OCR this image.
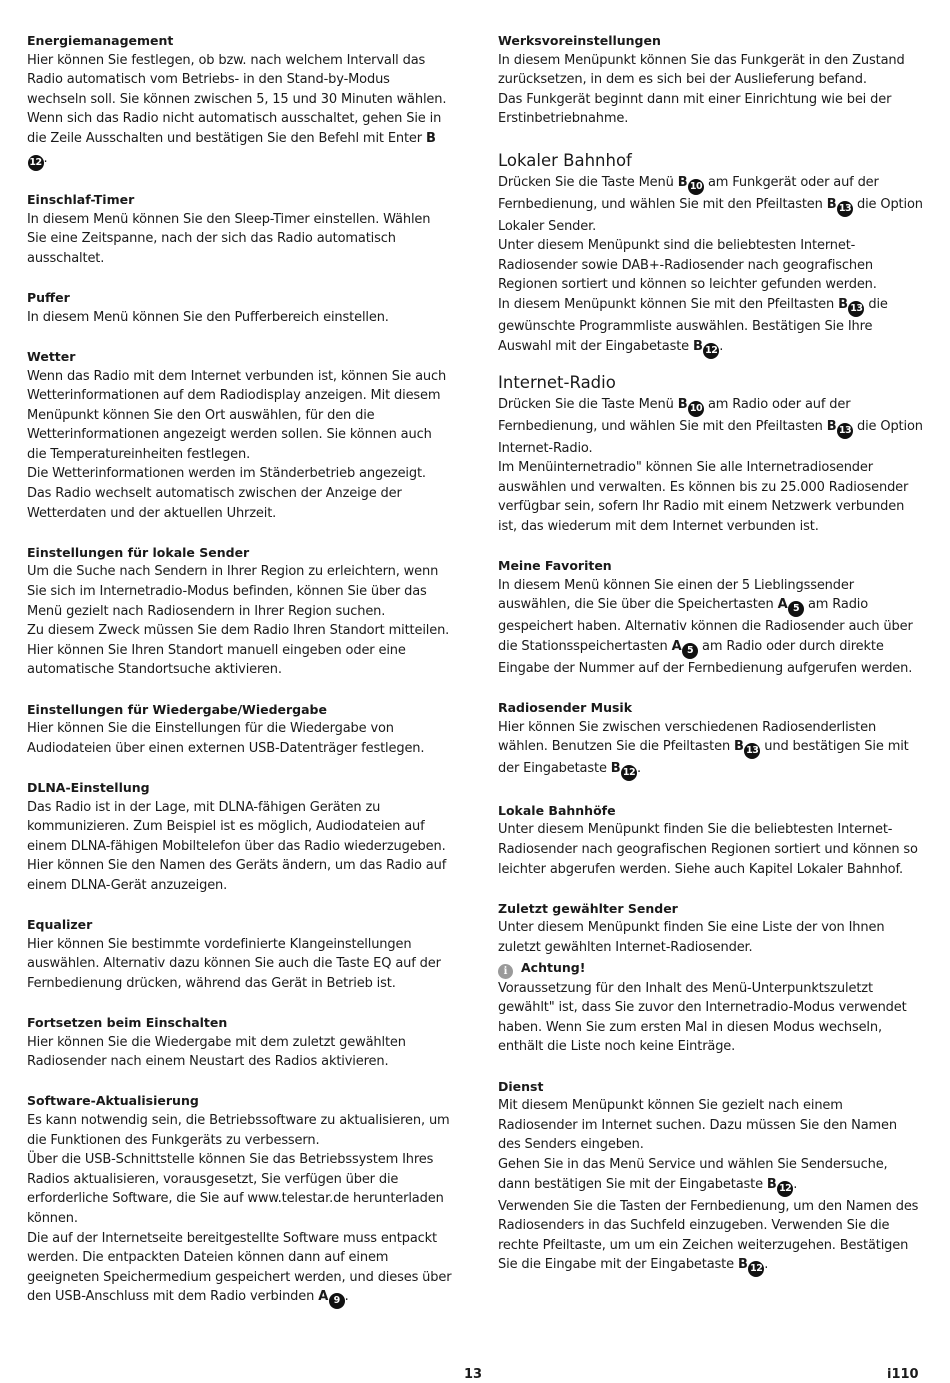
Energiemanagement

Hier können Sie festlegen, ob bzw. nach welchem Intervall das Radio automatisch vom Betriebs- in den Stand-by-Modus wechseln soll. Sie können zwischen 5, 15 und 30 Minuten wählen.

Wenn sich das Radio nicht automatisch ausschaltet, gehen Sie in die Zeile Ausschalten und bestätigen Sie den Befehl mit Enter B12 .

Einschlaf-Timer

In diesem Menü können Sie den Sleep-Timer einstellen. Wählen Sie eine Zeitspanne, nach der sich das Radio automatisch ausschaltet.

Puffer

In diesem Menü können Sie den Pufferbereich einstellen.

Wetter

Wenn das Radio mit dem Internet verbunden ist, können Sie auch Wetterinformationen auf dem Radiodisplay anzeigen. Mit diesem Menüpunkt können Sie den Ort auswählen, für den die Wetterinformationen angezeigt werden sollen. Sie können auch die Temperatureinheiten festlegen.

Die Wetterinformationen werden im Ständerbetrieb angezeigt. Das Radio wechselt automatisch zwischen der Anzeige der Wetterdaten und der aktuellen Uhrzeit.

Einstellungen für lokale Sender

Um die Suche nach Sendern in Ihrer Region zu erleichtern, wenn Sie sich im Internetradio-Modus befinden, können Sie über das Menü gezielt nach Radiosendern in Ihrer Region suchen.

Zu diesem Zweck müssen Sie dem Radio Ihren Standort mitteilen. Hier können Sie Ihren Standort manuell eingeben oder eine automatische Standortsuche aktivieren.

Einstellungen für Wiedergabe/Wiedergabe

Hier können Sie die Einstellungen für die Wiedergabe von Audiodateien über einen externen USB-Datenträger festlegen.

DLNA-Einstellung

Das Radio ist in der Lage, mit DLNA-fähigen Geräten zu kommunizieren. Zum Beispiel ist es möglich, Audiodateien auf einem DLNA-fähigen Mobiltelefon über das Radio wiederzugeben. Hier können Sie den Namen des Geräts ändern, um das Radio auf einem DLNA-Gerät anzuzeigen.

Equalizer

Hier können Sie bestimmte vordefinierte Klangeinstellungen auswählen. Alternativ dazu können Sie auch die Taste EQ auf der Fernbedienung drücken, während das Gerät in Betrieb ist.

Fortsetzen beim Einschalten

Hier können Sie die Wiedergabe mit dem zuletzt gewählten Radiosender nach einem Neustart des Radios aktivieren.

Software-Aktualisierung

Es kann notwendig sein, die Betriebssoftware zu aktualisieren, um die Funktionen des Funkgeräts zu verbessern.

Über die USB-Schnittstelle können Sie das Betriebssystem Ihres Radios aktualisieren, vorausgesetzt, Sie verfügen über die erforderliche Software, die Sie auf www.telestar.de herunterladen können.

Die auf der Internetseite bereitgestellte Software muss entpackt werden. Die entpackten Dateien können dann auf einem geeigneten Speichermedium gespeichert werden, und dieses über den USB-Anschluss mit dem Radio verbinden A 9 .

Werksvoreinstellungen

In diesem Menüpunkt können Sie das Funkgerät in den Zustand zurücksetzen, in dem es sich bei der Auslieferung befand.

Das Funkgerät beginnt dann mit einer Einrichtung wie bei der Erstinbetriebnahme.

Lokaler Bahnhof

Drücken Sie die Taste Menü B 10 am Funkgerät oder auf der Fernbedienung, und wählen Sie mit den Pfeiltasten B 13 die Option Lokaler Sender.

Unter diesem Menüpunkt sind die beliebtesten Internet-Radiosender sowie DAB+-Radiosender nach geografischen Regionen sortiert und können so leichter gefunden werden.

In diesem Menüpunkt können Sie mit den Pfeiltasten B 13 die gewünschte Programmliste auswählen. Bestätigen Sie Ihre Auswahl mit der Eingabetaste B 12 .

Internet-Radio

Drücken Sie die Taste Menü B 10 am Radio oder auf der Fernbedienung, und wählen Sie mit den Pfeiltasten B 13 die Option Internet-Radio.

Im Menüinternetradio" können Sie alle Internetradiosender auswählen und verwalten. Es können bis zu 25.000 Radiosender verfügbar sein, sofern Ihr Radio mit einem Netzwerk verbunden ist, das wiederum mit dem Internet verbunden ist.

Meine Favoriten

In diesem Menü können Sie einen der 5 Lieblingssender auswählen, die Sie über die Speichertasten A 5 am Radio gespeichert haben. Alternativ können die Radiosender auch über die Stationsspeichertasten A 5 am Radio oder durch direkte Eingabe der Nummer auf der Fernbedienung aufgerufen werden.

Radiosender Musik

Hier können Sie zwischen verschiedenen Radiosenderlisten wählen. Benutzen Sie die Pfeiltasten B 13 und bestätigen Sie mit der Eingabetaste B 12 .

Lokale Bahnhöfe

Unter diesem Menüpunkt finden Sie die beliebtesten Internet-Radiosender nach geografischen Regionen sortiert und können so leichter abgerufen werden. Siehe auch Kapitel Lokaler Bahnhof.

Zuletzt gewählter Sender

Unter diesem Menüpunkt finden Sie eine Liste der von Ihnen zuletzt gewählten Internet-Radiosender.

i Achtung!

Voraussetzung für den Inhalt des Menü-Unterpunktszuletzt gewählt" ist, dass Sie zuvor den Internetradio-Modus verwendet haben. Wenn Sie zum ersten Mal in diesen Modus wechseln, enthält die Liste noch keine Einträge.

Dienst

Mit diesem Menüpunkt können Sie gezielt nach einem Radiosender im Internet suchen. Dazu müssen Sie den Namen des Senders eingeben.

Gehen Sie in das Menü Service und wählen Sie Sendersuche, dann bestätigen Sie mit der Eingabetaste B 12 .

Verwenden Sie die Tasten der Fernbedienung, um den Namen des Radiosenders in das Suchfeld einzugeben. Verwenden Sie die rechte Pfeiltaste, um um ein Zeichen weiterzugehen. Bestätigen Sie die Eingabe mit der Eingabetaste B 12 .

13	i110
